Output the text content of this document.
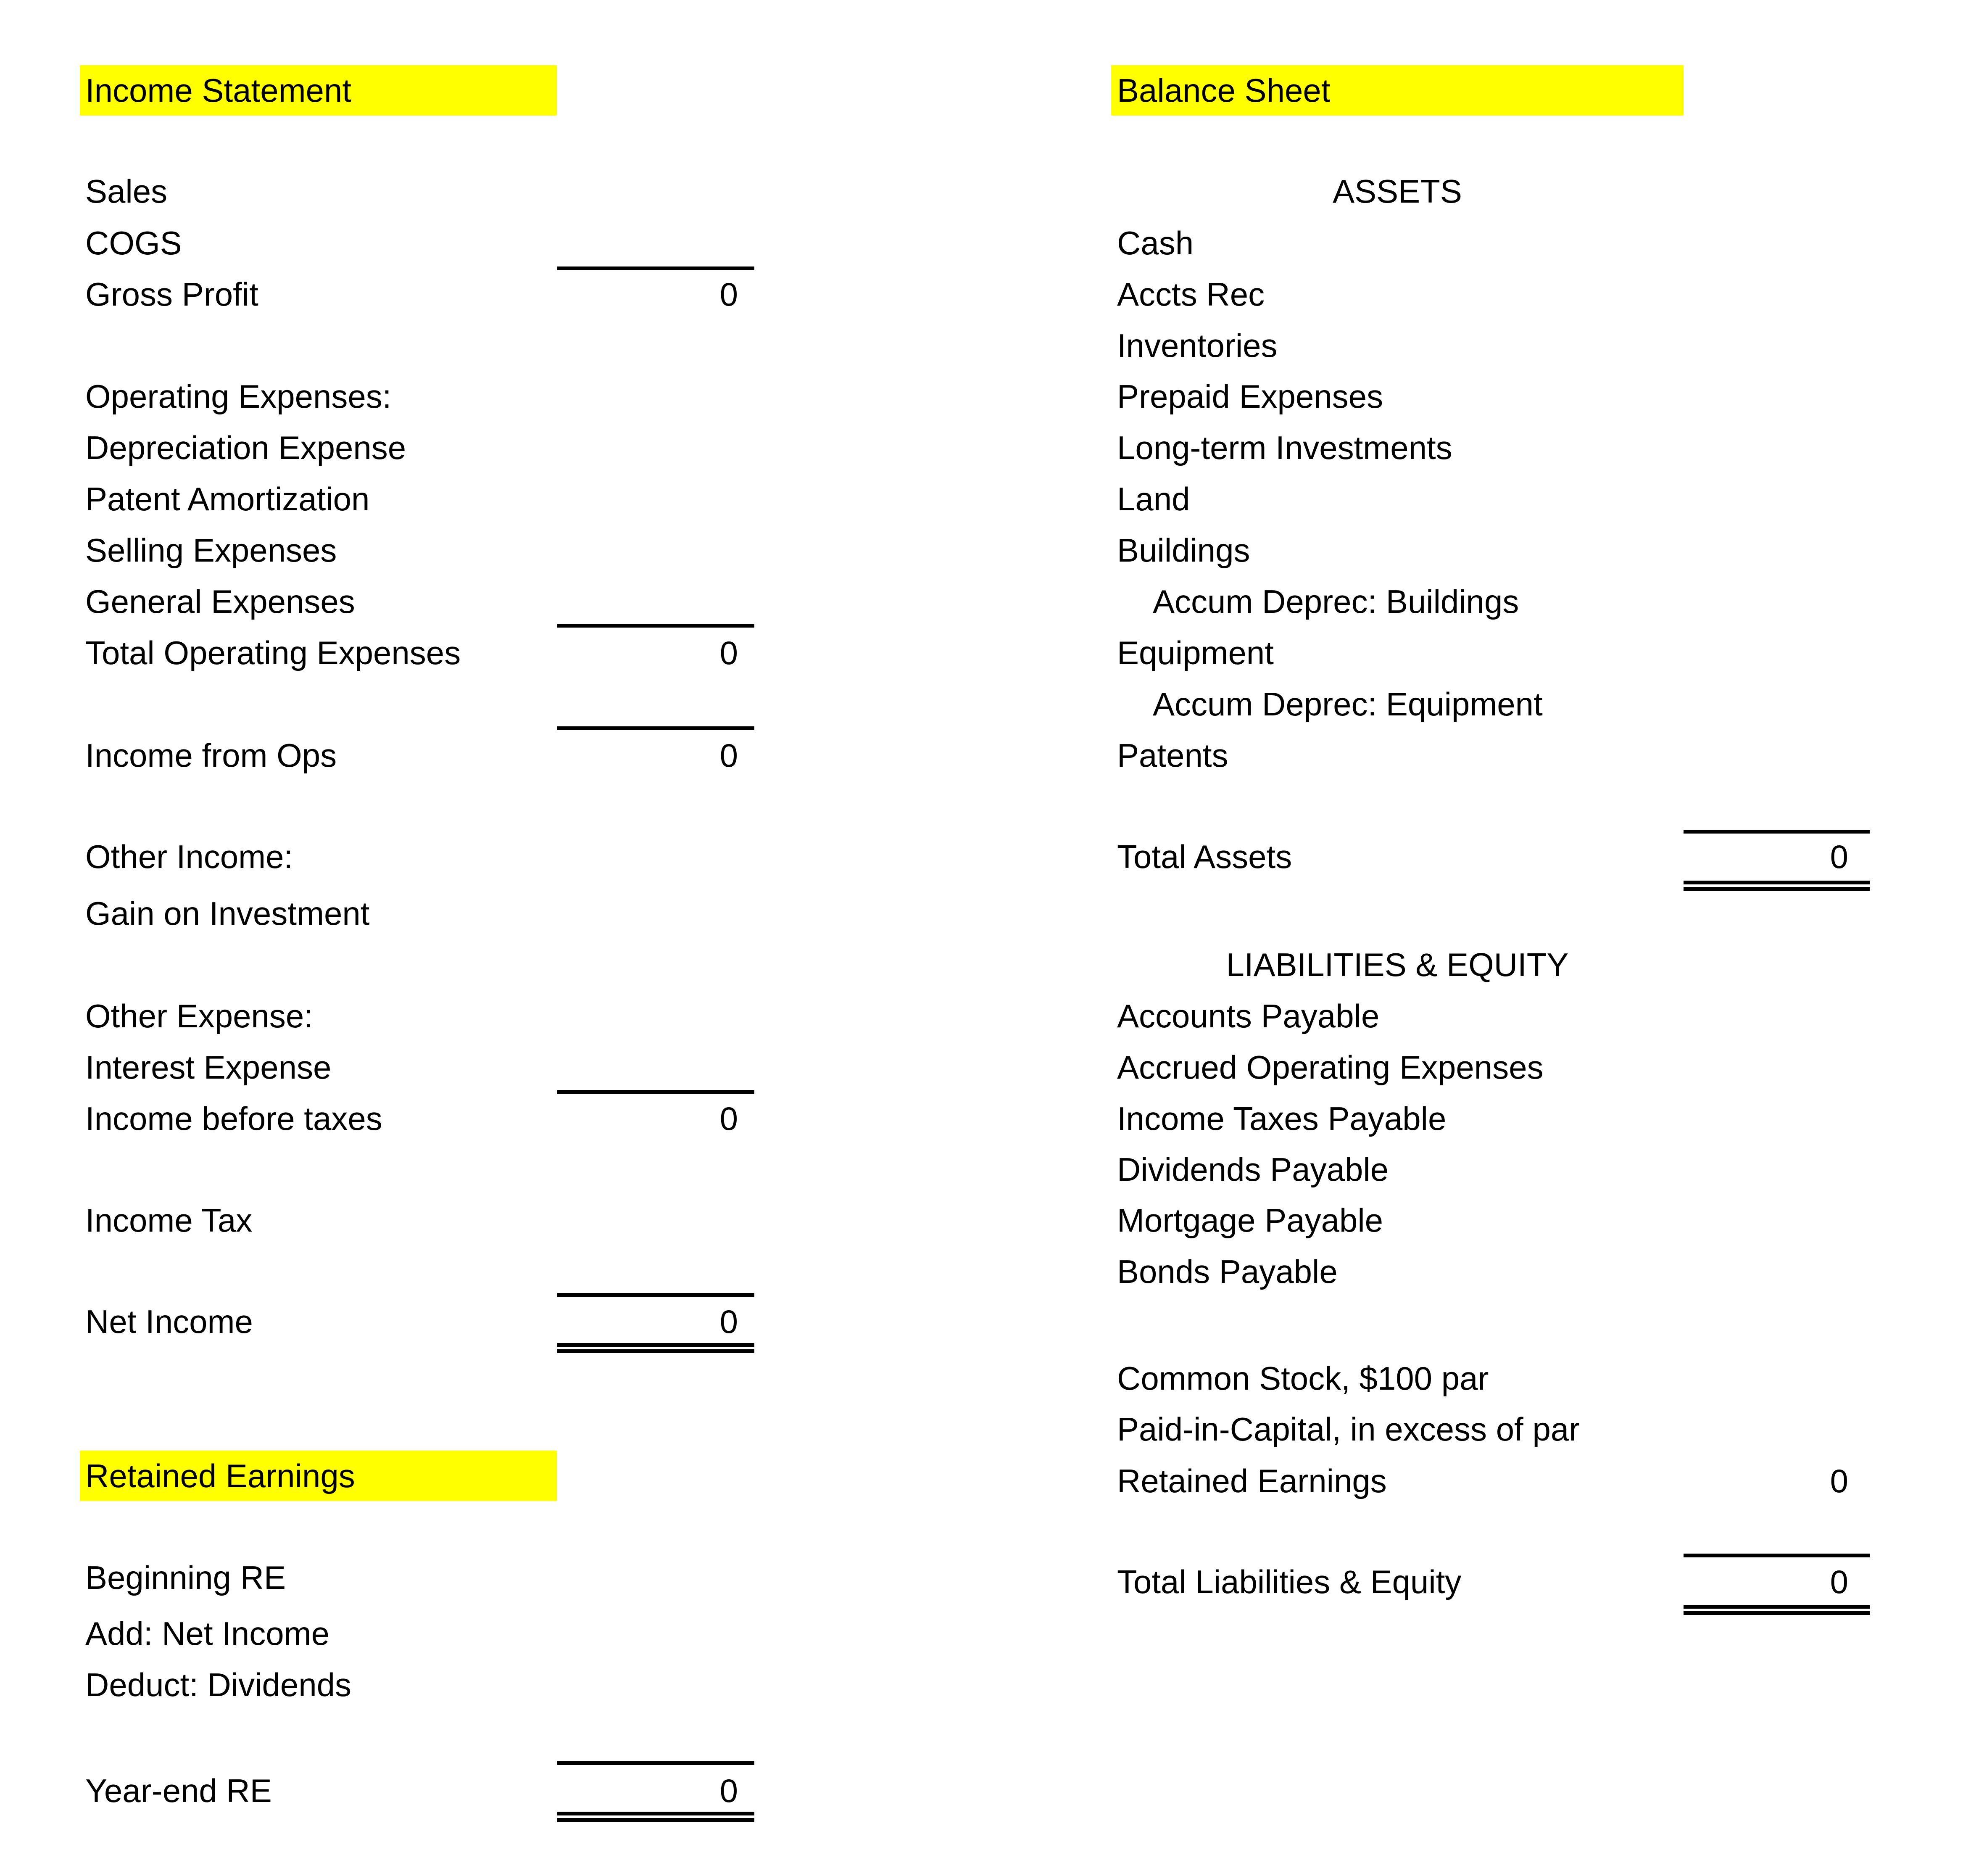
Income Statement
Sales
COGS
Gross Profit	0
Operating Expenses:
Depreciation Expense
Patent Amortization
Selling Expenses
General Expenses
Total Operating Expenses	0
Income from Ops	0
Other Income:
Gain on Investment
Other Expense:
Interest Expense
Income before taxes	0
Income Tax
Net Income	0
Retained Earnings
Beginning RE
Add: Net Income
Deduct: Dividends
Year-end RE	0
Balance Sheet
ASSETS
Cash
Accts Rec
Inventories
Prepaid Expenses
Long-term Investments
Land
Buildings
Accum Deprec: Buildings
Equipment
Accum Deprec: Equipment
Patents
Total Assets	0
LIABILITIES & EQUITY
Accounts Payable
Accrued Operating Expenses
Income Taxes Payable
Dividends Payable
Mortgage Payable
Bonds Payable
Common Stock, $100 par
Paid-in-Capital, in excess of par
Retained Earnings	0
Total Liabilities & Equity	0
